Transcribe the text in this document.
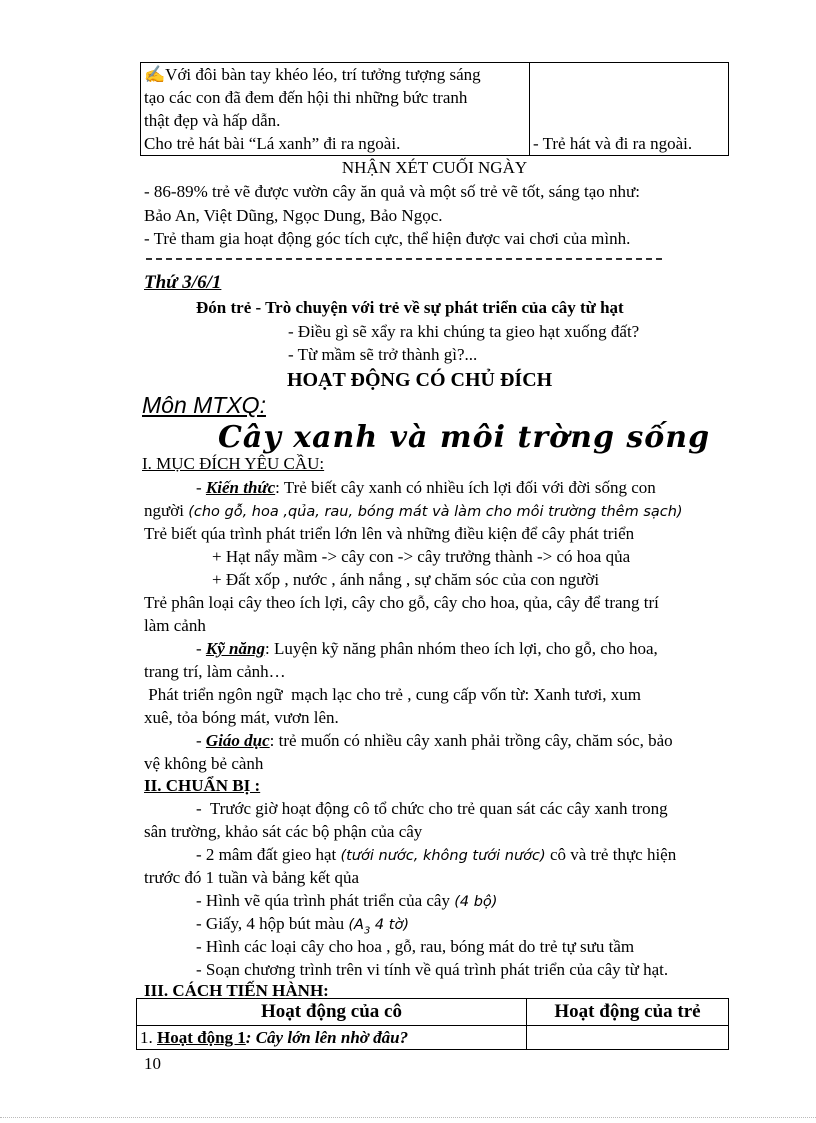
✍Với đôi bàn tay khéo léo, trí tưởng tượng sáng
tạo các con đã đem đến hội thi những bức tranh
thật đẹp và hấp dẫn.
Cho trẻ hát bài “Lá xanh” đi ra ngoài.	- Trẻ hát và đi ra ngoài.
NHẬN XÉT CUỐI NGÀY
- 86-89% trẻ vẽ được vườn cây ăn quả và một số trẻ vẽ tốt, sáng tạo như:
Bảo An, Việt Dũng, Ngọc Dung, Bảo Ngọc.
- Trẻ tham gia hoạt động góc tích cực, thể hiện được vai chơi của mình.
Thứ 3/6/1
Đón trẻ - Trò chuyện với trẻ về sự phát triển của cây từ hạt
- Điều gì sẽ xẩy ra khi chúng ta gieo hạt xuống đất?
- Từ mầm sẽ trở thành gì?...
HOẠT ĐỘNG CÓ CHỦ ĐÍCH
Môn MTXQ:
Cây xanh và môi trờng sống
I. MỤC ĐÍCH YÊU CẦU:
- Kiến thức: Trẻ biết cây xanh có nhiều ích lợi đối với đời sống con
người (cho gỗ, hoa ,qủa, rau, bóng mát và làm cho môi trường thêm sạch)
Trẻ biết qúa trình phát triển lớn lên và những điều kiện để cây phát triển
+ Hạt nẩy mầm -> cây con -> cây trưởng thành -> có hoa qủa
+ Đất xốp , nước , ánh nắng , sự chăm sóc của con người
Trẻ phân loại cây theo ích lợi, cây cho gỗ, cây cho hoa, qủa, cây để trang trí
làm cảnh
- Kỹ năng: Luyện kỹ năng phân nhóm theo ích lợi, cho gỗ, cho hoa,
trang trí, làm cảnh…
Phát triển ngôn ngữ  mạch lạc cho trẻ , cung cấp vốn từ: Xanh tươi, xum
xuê, tỏa bóng mát, vươn lên.
- Giáo dục: trẻ muốn có nhiều cây xanh phải trồng cây, chăm sóc, bảo
vệ không bẻ cành
II. CHUẨN BỊ :
-  Trước giờ hoạt động cô tổ chức cho trẻ quan sát các cây xanh trong
sân trường, khảo sát các bộ phận của cây
- 2 mâm đất gieo hạt (tưới nước, không tưới nước) cô và trẻ thực hiện
trước đó 1 tuần và bảng kết qủa
- Hình vẽ qúa trình phát triển của cây (4 bộ)
- Giấy, 4 hộp bút màu ($A_3$ 4 tờ)
- Hình các loại cây cho hoa , gỗ, rau, bóng mát do trẻ tự sưu tầm
- Soạn chương trình trên vi tính về quá trình phát triển của cây từ hạt.
III. CÁCH TIẾN HÀNH:
Hoạt động của cô	Hoạt động của trẻ
1. Hoạt động 1: Cây lớn lên nhờ đâu?	
10
